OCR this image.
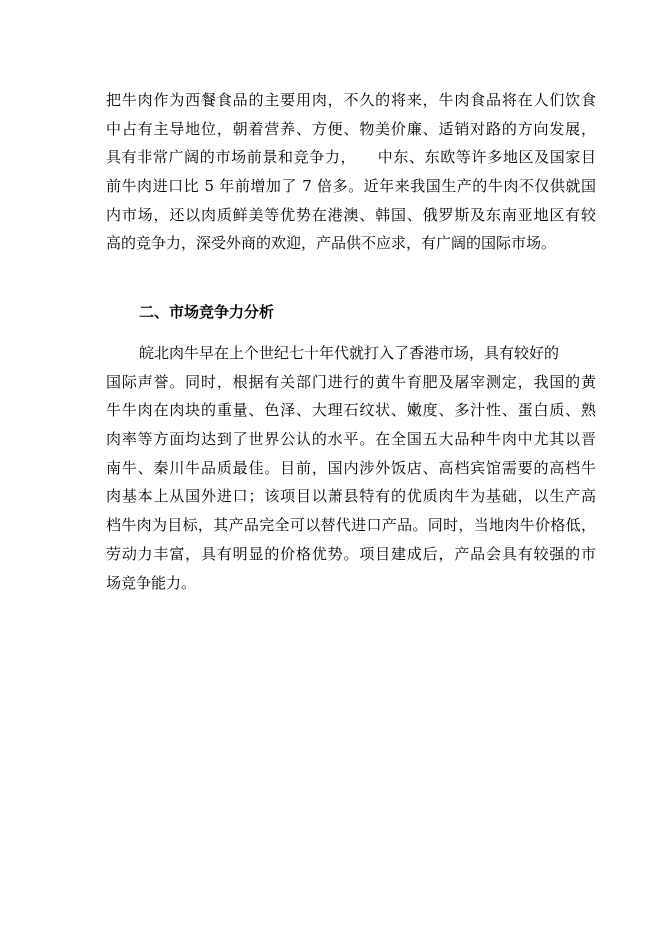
把牛肉作为西餐食品的主要用肉，不久的将来，牛肉食品将在人们饮食
中占有主导地位，朝着营养、方便、物美价廉、适销对路的方向发展，
具有非常广阔的市场前景和竞争力，    中东、东欧等许多地区及国家目
前牛肉进口比 5 年前增加了 7 倍多。近年来我国生产的牛肉不仅供就国
内市场，还以肉质鲜美等优势在港澳、韩国、俄罗斯及东南亚地区有较
高的竞争力，深受外商的欢迎，产品供不应求，有广阔的国际市场。
二、市场竞争力分析
皖北肉牛早在上个世纪七十年代就打入了香港市场，具有较好的
国际声誉。同时，根据有关部门进行的黄牛育肥及屠宰测定，我国的黄
牛牛肉在肉块的重量、色泽、大理石纹状、嫩度、多汁性、蛋白质、熟
肉率等方面均达到了世界公认的水平。在全国五大品种牛肉中尤其以晋
南牛、秦川牛品质最佳。目前，国内涉外饭店、高档宾馆需要的高档牛
肉基本上从国外进口；该项目以萧县特有的优质肉牛为基础，以生产高
档牛肉为目标，其产品完全可以替代进口产品。同时，当地肉牛价格低，
劳动力丰富，具有明显的价格优势。项目建成后，产品会具有较强的市
场竞争能力。
